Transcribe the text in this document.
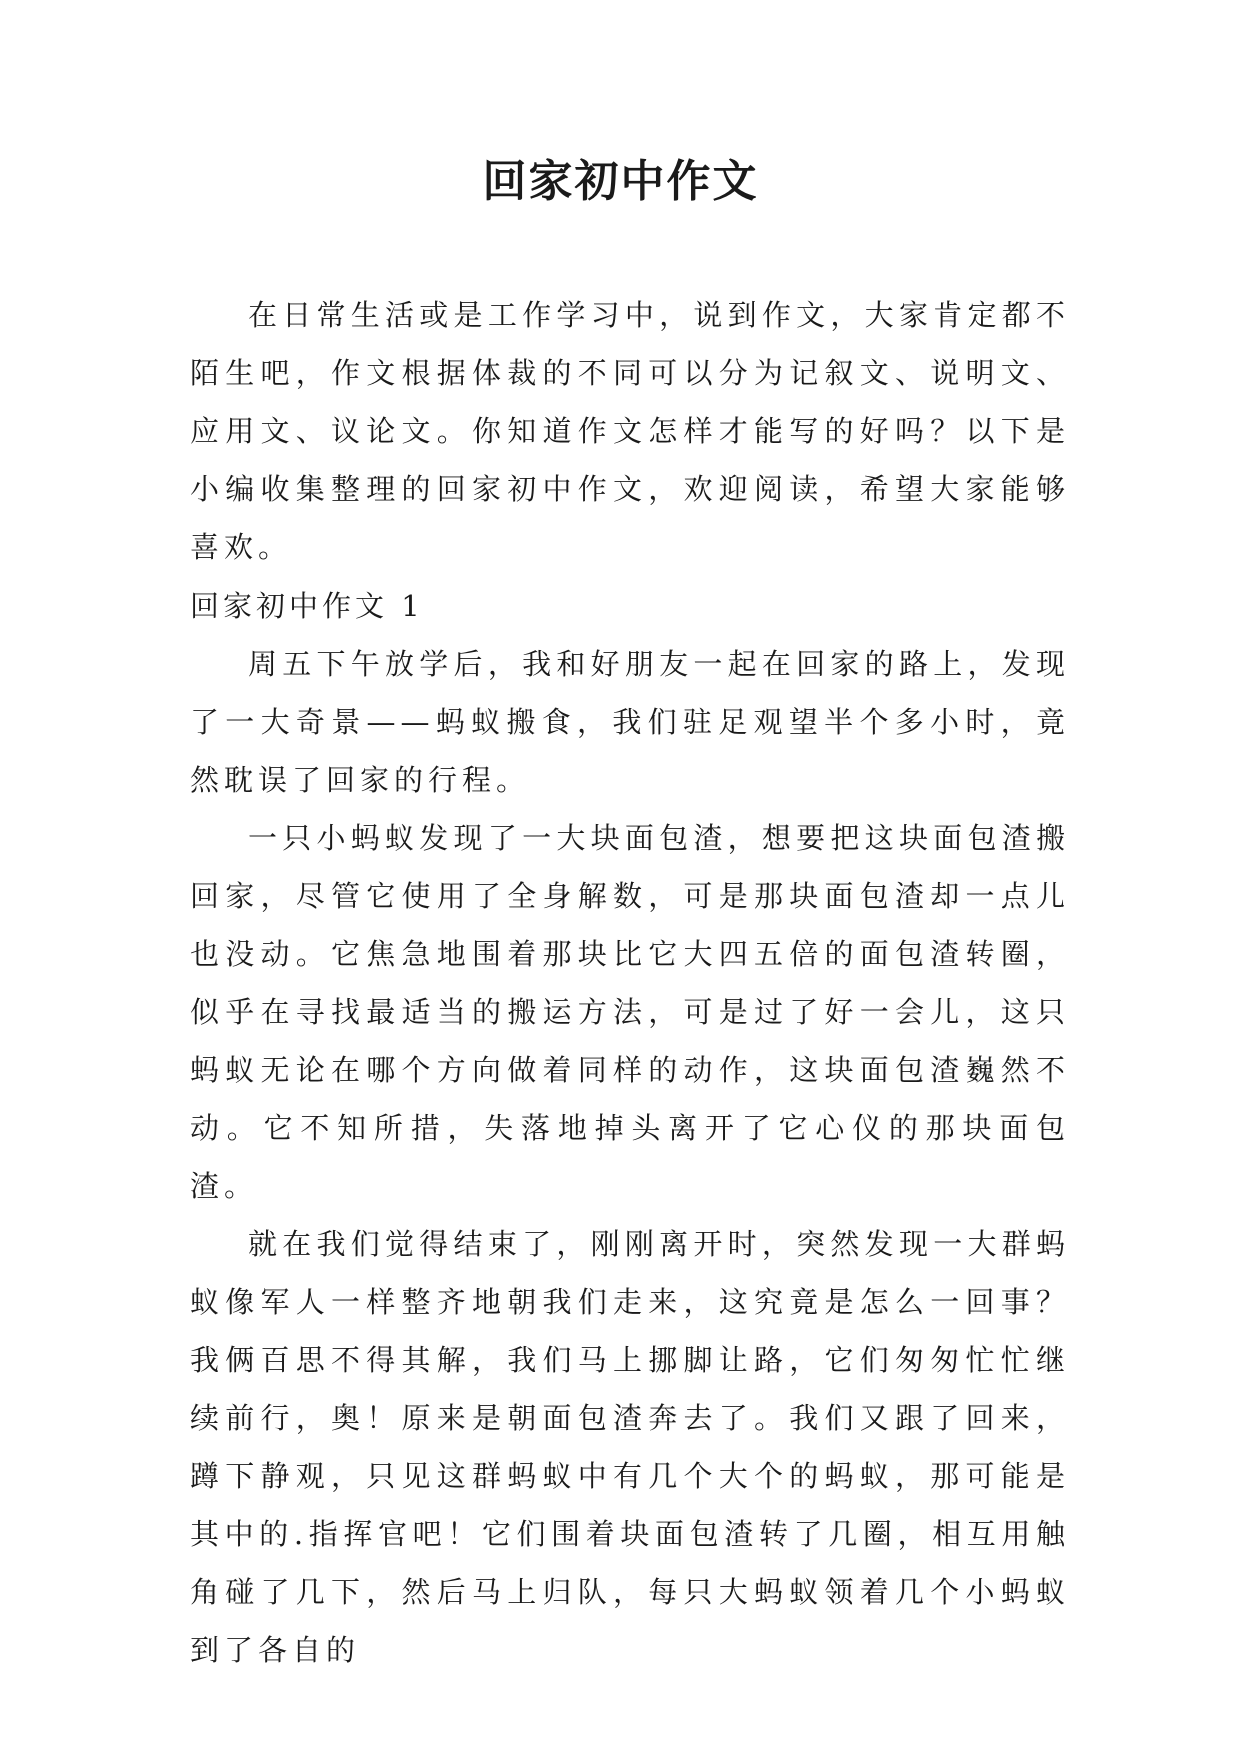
回家初中作文

在日常生活或是工作学习中，说到作文，大家肯定都不陌生吧，作文根据体裁的不同可以分为记叙文、说明文、应用文、议论文。你知道作文怎样才能写的好吗？以下是小编收集整理的回家初中作文，欢迎阅读，希望大家能够喜欢。

回家初中作文 1

周五下午放学后，我和好朋友一起在回家的路上，发现了一大奇景——蚂蚁搬食，我们驻足观望半个多小时，竟然耽误了回家的行程。

一只小蚂蚁发现了一大块面包渣，想要把这块面包渣搬回家，尽管它使用了全身解数，可是那块面包渣却一点儿也没动。它焦急地围着那块比它大四五倍的面包渣转圈，似乎在寻找最适当的搬运方法，可是过了好一会儿，这只蚂蚁无论在哪个方向做着同样的动作，这块面包渣巍然不动。它不知所措，失落地掉头离开了它心仪的那块面包渣。

就在我们觉得结束了，刚刚离开时，突然发现一大群蚂蚁像军人一样整齐地朝我们走来，这究竟是怎么一回事？我俩百思不得其解，我们马上挪脚让路，它们匆匆忙忙继续前行，奥！原来是朝面包渣奔去了。我们又跟了回来，蹲下静观，只见这群蚂蚁中有几个大个的蚂蚁，那可能是其中的.指挥官吧！它们围着块面包渣转了几圈，相互用触角碰了几下，然后马上归队，每只大蚂蚁领着几个小蚂蚁到了各自的
